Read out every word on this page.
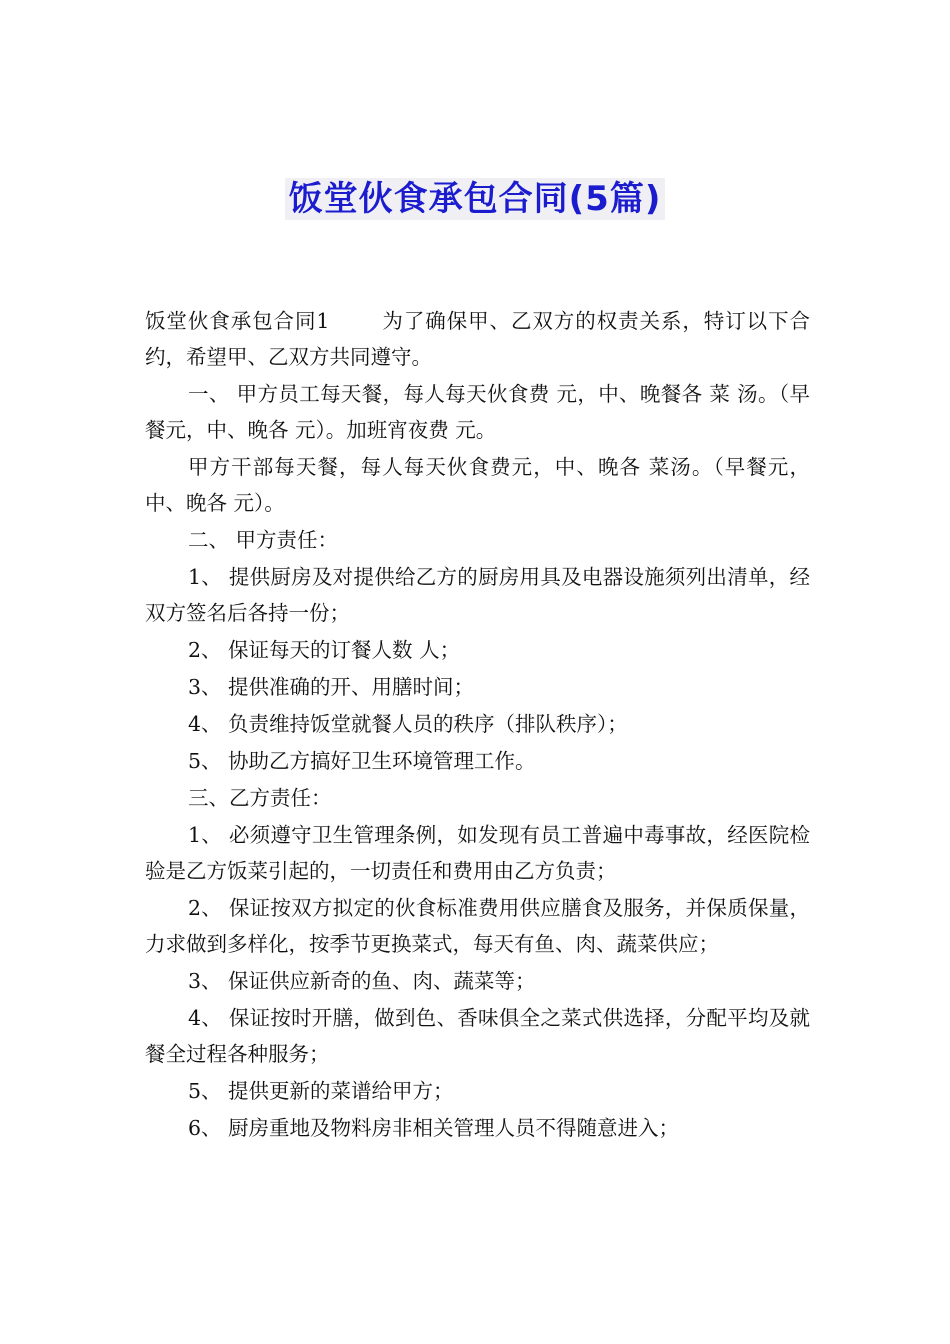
饭堂伙食承包合同(5篇)

饭堂伙食承包合同1	为了确保甲、乙双方的权责关系，特订以下合约，希望甲、乙双方共同遵守。

一、 甲方员工每天餐，每人每天伙食费 元，中、晚餐各 菜 汤。（早餐元，中、晚各 元）。加班宵夜费 元。

甲方干部每天餐，每人每天伙食费元，中、晚各 菜汤。（早餐元，中、晚各 元）。

二、 甲方责任：

1、 提供厨房及对提供给乙方的厨房用具及电器设施须列出清单，经双方签名后各持一份；

2、 保证每天的订餐人数 人；

3、 提供准确的开、用膳时间；

4、 负责维持饭堂就餐人员的秩序（排队秩序）；

5、 协助乙方搞好卫生环境管理工作。

三、乙方责任：

1、 必须遵守卫生管理条例，如发现有员工普遍中毒事故，经医院检验是乙方饭菜引起的，一切责任和费用由乙方负责；

2、 保证按双方拟定的伙食标准费用供应膳食及服务，并保质保量，力求做到多样化，按季节更换菜式，每天有鱼、肉、蔬菜供应；

3、 保证供应新奇的鱼、肉、蔬菜等；

4、 保证按时开膳，做到色、香味俱全之菜式供选择，分配平均及就餐全过程各种服务；

5、 提供更新的菜谱给甲方；

6、 厨房重地及物料房非相关管理人员不得随意进入；
